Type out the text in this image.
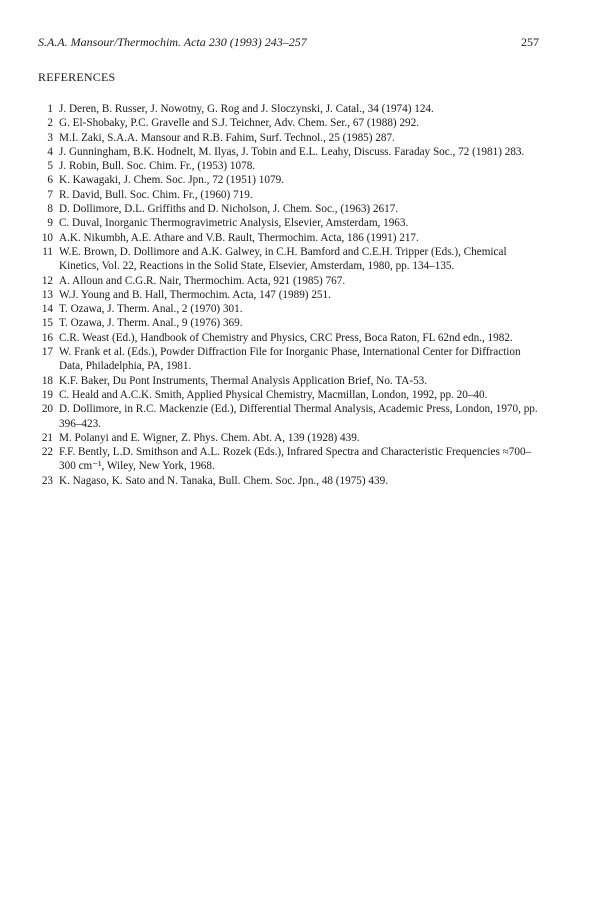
S.A.A. Mansour/Thermochim. Acta 230 (1993) 243–257	257
REFERENCES
1 J. Deren, B. Russer, J. Nowotny, G. Rog and J. Sloczynski, J. Catal., 34 (1974) 124.
2 G. El-Shobaky, P.C. Gravelle and S.J. Teichner, Adv. Chem. Ser., 67 (1988) 292.
3 M.I. Zaki, S.A.A. Mansour and R.B. Fahim, Surf. Technol., 25 (1985) 287.
4 J. Gunningham, B.K. Hodnelt, M. Ilyas, J. Tobin and E.L. Leahy, Discuss. Faraday Soc., 72 (1981) 283.
5 J. Robin, Bull. Soc. Chim. Fr., (1953) 1078.
6 K. Kawagaki, J. Chem. Soc. Jpn., 72 (1951) 1079.
7 R. David, Bull. Soc. Chim. Fr., (1960) 719.
8 D. Dollimore, D.L. Griffiths and D. Nicholson, J. Chem. Soc., (1963) 2617.
9 C. Duval, Inorganic Thermogravimetric Analysis, Elsevier, Amsterdam, 1963.
10 A.K. Nikumbh, A.E. Athare and V.B. Rault, Thermochim. Acta, 186 (1991) 217.
11 W.E. Brown, D. Dollimore and A.K. Galwey, in C.H. Bamford and C.E.H. Tripper (Eds.), Chemical Kinetics, Vol. 22, Reactions in the Solid State, Elsevier, Amsterdam, 1980, pp. 134–135.
12 A. Alloun and C.G.R. Nair, Thermochim. Acta, 921 (1985) 767.
13 W.J. Young and B. Hall, Thermochim. Acta, 147 (1989) 251.
14 T. Ozawa, J. Therm. Anal., 2 (1970) 301.
15 T. Ozawa, J. Therm. Anal., 9 (1976) 369.
16 C.R. Weast (Ed.), Handbook of Chemistry and Physics, CRC Press, Boca Raton, FL 62nd edn., 1982.
17 W. Frank et al. (Eds.), Powder Diffraction File for Inorganic Phase, International Center for Diffraction Data, Philadelphia, PA, 1981.
18 K.F. Baker, Du Pont Instruments, Thermal Analysis Application Brief, No. TA-53.
19 C. Heald and A.C.K. Smith, Applied Physical Chemistry, Macmillan, London, 1992, pp. 20–40.
20 D. Dollimore, in R.C. Mackenzie (Ed.), Differential Thermal Analysis, Academic Press, London, 1970, pp. 396–423.
21 M. Polanyi and E. Wigner, Z. Phys. Chem. Abt. A, 139 (1928) 439.
22 F.F. Bently, L.D. Smithson and A.L. Rozek (Eds.), Infrared Spectra and Characteristic Frequencies ≈700–300 cm⁻¹, Wiley, New York, 1968.
23 K. Nagaso, K. Sato and N. Tanaka, Bull. Chem. Soc. Jpn., 48 (1975) 439.
